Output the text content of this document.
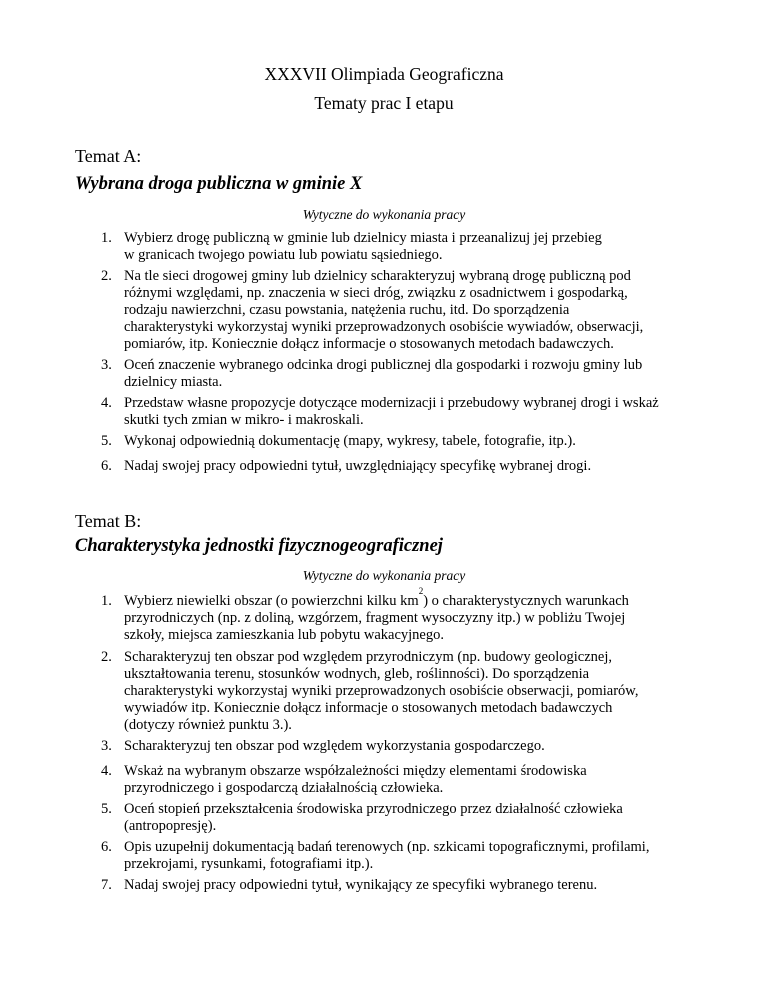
XXXVII Olimpiada Geograficzna
Tematy prac I etapu
Temat A:
Wybrana droga publiczna w gminie X
Wytyczne do wykonania pracy
1. Wybierz drogę publiczną w gminie lub dzielnicy miasta i przeanalizuj jej przebieg
w granicach twojego powiatu lub powiatu sąsiedniego.
2. Na tle sieci drogowej gminy lub dzielnicy scharakteryzuj wybraną drogę publiczną pod
różnymi względami, np. znaczenia w sieci dróg, związku z osadnictwem i gospodarką,
rodzaju nawierzchni, czasu powstania, natężenia ruchu, itd. Do sporządzenia
charakterystyki wykorzystaj wyniki przeprowadzonych osobiście wywiadów, obserwacji,
pomiarów, itp. Koniecznie dołącz informacje o stosowanych metodach badawczych.
3. Oceń znaczenie wybranego odcinka drogi publicznej dla gospodarki i rozwoju gminy lub
dzielnicy miasta.
4. Przedstaw własne propozycje dotyczące modernizacji i przebudowy wybranej drogi i wskaż
skutki tych zmian w mikro- i makroskali.
5. Wykonaj odpowiednią dokumentację (mapy, wykresy, tabele, fotografie, itp.).
6. Nadaj swojej pracy odpowiedni tytuł, uwzględniający specyfikę wybranej drogi.
Temat B:
Charakterystyka jednostki fizycznogeograficznej
Wytyczne do wykonania pracy
1. Wybierz niewielki obszar (o powierzchni kilku $km^2$) o charakterystycznych warunkach
przyrodniczych (np. z doliną, wzgórzem, fragment wysoczyzny itp.) w pobliżu Twojej
szkoły, miejsca zamieszkania lub pobytu wakacyjnego.
2. Scharakteryzuj ten obszar pod względem przyrodniczym (np. budowy geologicznej,
ukształtowania terenu, stosunków wodnych, gleb, roślinności). Do sporządzenia
charakterystyki wykorzystaj wyniki przeprowadzonych osobiście obserwacji, pomiarów,
wywiadów itp. Koniecznie dołącz informacje o stosowanych metodach badawczych
(dotyczy również punktu 3.).
3. Scharakteryzuj ten obszar pod względem wykorzystania gospodarczego.
4. Wskaż na wybranym obszarze współzależności między elementami środowiska
przyrodniczego i gospodarczą działalnością człowieka.
5. Oceń stopień przekształcenia środowiska przyrodniczego przez działalność człowieka
(antropopresję).
6. Opis uzupełnij dokumentacją badań terenowych (np. szkicami topograficznymi, profilami,
przekrojami, rysunkami, fotografiami itp.).
7. Nadaj swojej pracy odpowiedni tytuł, wynikający ze specyfiki wybranego terenu.
